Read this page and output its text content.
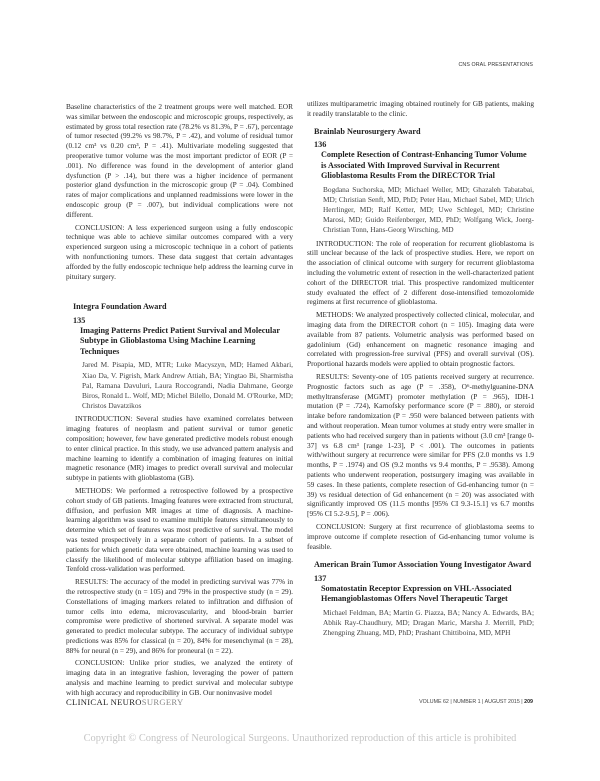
CNS ORAL PRESENTATIONS
Baseline characteristics of the 2 treatment groups were well matched. EOR was similar between the endoscopic and microscopic groups, respectively, as estimated by gross total resection rate (78.2% vs 81.3%, P = .67), percentage of tumor resected (99.2% vs 98.7%, P = .42), and volume of residual tumor (0.12 cm³ vs 0.20 cm³, P = .41). Multivariate modeling suggested that preoperative tumor volume was the most important predictor of EOR (P = .001). No difference was found in the development of anterior gland dysfunction (P > .14), but there was a higher incidence of permanent posterior gland dysfunction in the microscopic group (P = .04). Combined rates of major complications and unplanned readmissions were lower in the endoscopic group (P = .007), but individual complications were not different.
CONCLUSION: A less experienced surgeon using a fully endoscopic technique was able to achieve similar outcomes compared with a very experienced surgeon using a microscopic technique in a cohort of patients with nonfunctioning tumors. These data suggest that certain advantages afforded by the fully endoscopic technique help address the learning curve in pituitary surgery.
Integra Foundation Award
135
Imaging Patterns Predict Patient Survival and Molecular Subtype in Glioblastoma Using Machine Learning Techniques
Jared M. Pisapia, MD, MTR; Luke Macyszyn, MD; Hamed Akbari, Xiao Da, V. Pigrish, Mark Andrew Attiah, BA; Yingtao Bi, Sharmistha Pal, Ramana Davuluri, Laura Roccograndi, Nadia Dahmane, George Biros, Ronald L. Wolf, MD; Michel Bilello, Donald M. O'Rourke, MD; Christos Davatzikos
INTRODUCTION: Several studies have examined correlates between imaging features of neoplasm and patient survival or tumor genetic composition; however, few have generated predictive models robust enough to enter clinical practice. In this study, we use advanced pattern analysis and machine learning to identify a combination of imaging features on initial magnetic resonance (MR) images to predict overall survival and molecular subtype in patients with glioblastoma (GB).
METHODS: We performed a retrospective followed by a prospective cohort study of GB patients. Imaging features were extracted from structural, diffusion, and perfusion MR images at time of diagnosis. A machine-learning algorithm was used to examine multiple features simultaneously to determine which set of features was most predictive of survival. The model was tested prospectively in a separate cohort of patients. In a subset of patients for which genetic data were obtained, machine learning was used to classify the likelihood of molecular subtype affiliation based on imaging. Tenfold cross-validation was performed.
RESULTS: The accuracy of the model in predicting survival was 77% in the retrospective study (n = 105) and 79% in the prospective study (n = 29). Constellations of imaging markers related to infiltration and diffusion of tumor cells into edema, microvascularity, and blood-brain barrier compromise were predictive of shortened survival. A separate model was generated to predict molecular subtype. The accuracy of individual subtype predictions was 85% for classical (n = 20), 84% for mesenchymal (n = 28), 88% for neural (n = 29), and 86% for proneural (n = 22).
CONCLUSION: Unlike prior studies, we analyzed the entirety of imaging data in an integrative fashion, leveraging the power of pattern analysis and machine learning to predict survival and molecular subtype with high accuracy and reproducibility in GB. Our noninvasive model
utilizes multiparametric imaging obtained routinely for GB patients, making it readily translatable to the clinic.
Brainlab Neurosurgery Award
136
Complete Resection of Contrast-Enhancing Tumor Volume is Associated With Improved Survival in Recurrent Glioblastoma Results From the DIRECTOR Trial
Bogdana Suchorska, MD; Michael Weller, MD; Ghazaleh Tabatabai, MD; Christian Senft, MD, PhD; Peter Hau, Michael Sabel, MD; Ulrich Herrlinger, MD; Ralf Ketter, MD; Uwe Schlegel, MD; Christine Marosi, MD; Guido Reifenberger, MD, PhD; Wolfgang Wick, Joerg-Christian Tonn, Hans-Georg Wirsching, MD
INTRODUCTION: The role of reoperation for recurrent glioblastoma is still unclear because of the lack of prospective studies. Here, we report on the association of clinical outcome with surgery for recurrent glioblastoma including the volumetric extent of resection in the well-characterized patient cohort of the DIRECTOR trial. This prospective randomized multicenter study evaluated the effect of 2 different dose-intensified temozolomide regimens at first recurrence of glioblastoma.
METHODS: We analyzed prospectively collected clinical, molecular, and imaging data from the DIRECTOR cohort (n = 105). Imaging data were available from 87 patients. Volumetric analysis was performed based on gadolinium (Gd) enhancement on magnetic resonance imaging and correlated with progression-free survival (PFS) and overall survival (OS). Proportional hazards models were applied to obtain prognostic factors.
RESULTS: Seventy-one of 105 patients received surgery at recurrence. Prognostic factors such as age (P = .358), O⁶-methylguanine-DNA methyltransferase (MGMT) promoter methylation (P = .965), IDH-1 mutation (P = .724), Karnofsky performance score (P = .880), or steroid intake before randomization (P = .950 were balanced between patients with and without reoperation. Mean tumor volumes at study entry were smaller in patients who had received surgery than in patients without (3.0 cm³ [range 0-37] vs 6.8 cm³ [range 1-23], P < .001). The outcomes in patients with/without surgery at recurrence were similar for PFS (2.0 months vs 1.9 months, P = .1974) and OS (9.2 months vs 9.4 months, P = .9538). Among patients who underwent reoperation, postsurgery imaging was available in 59 cases. In these patients, complete resection of Gd-enhancing tumor (n = 39) vs residual detection of Gd enhancement (n = 20) was associated with significantly improved OS (11.5 months [95% CI 9.3-15.1] vs 6.7 months [95% CI 5.2-9.5], P = .006).
CONCLUSION: Surgery at first recurrence of glioblastoma seems to improve outcome if complete resection of Gd-enhancing tumor volume is feasible.
American Brain Tumor Association Young Investigator Award
137
Somatostatin Receptor Expression on VHL-Associated Hemangioblastomas Offers Novel Therapeutic Target
Michael Feldman, BA; Martin G. Piazza, BA; Nancy A. Edwards, BA; Abhik Ray-Chaudhury, MD; Dragan Maric, Marsha J. Merrill, PhD; Zhengping Zhuang, MD, PhD; Prashant Chittiboina, MD, MPH
CLINICAL NEUROSURGERY	VOLUME 62 | NUMBER 1 | AUGUST 2015 | 209
Copyright © Congress of Neurological Surgeons. Unauthorized reproduction of this article is prohibited
